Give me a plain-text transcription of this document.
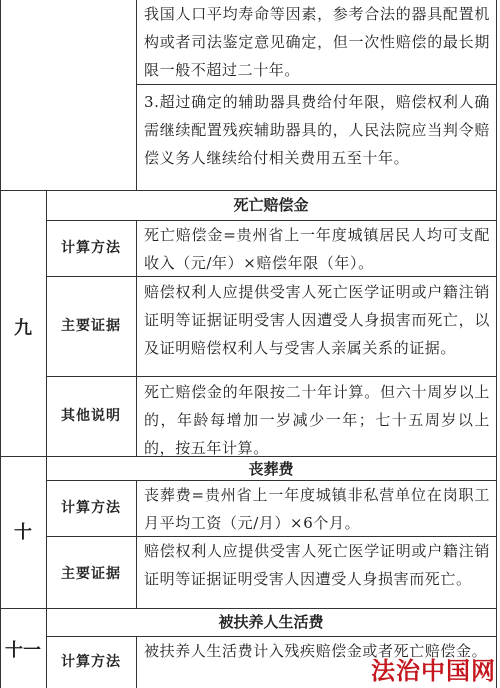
我国人口平均寿命等因素，参考合法的器具配置机构或者司法鉴定意见确定，但一次性赔偿的最长期限一般不超过二十年。
3.超过确定的辅助器具费给付年限，赔偿权利人确需继续配置残疾辅助器具的，人民法院应当判令赔偿义务人继续给付相关费用五至十年。
九
死亡赔偿金
计算方法
死亡赔偿金=贵州省上一年度城镇居民人均可支配收入（元/年）×赔偿年限（年）。
主要证据
赔偿权利人应提供受害人死亡医学证明或户籍注销证明等证据证明受害人因遭受人身损害而死亡，以及证明赔偿权利人与受害人亲属关系的证据。
其他说明
死亡赔偿金的年限按二十年计算。但六十周岁以上的，年龄每增加一岁减少一年；七十五周岁以上的，按五年计算。
十
丧葬费
计算方法
丧葬费=贵州省上一年度城镇非私营单位在岗职工月平均工资（元/月）×6个月。
主要证据
赔偿权利人应提供受害人死亡医学证明或户籍注销证明等证据证明受害人因遭受人身损害而死亡。
十一
被扶养人生活费
计算方法
被扶养人生活费计入残疾赔偿金或者死亡赔偿金。
法治中国网
